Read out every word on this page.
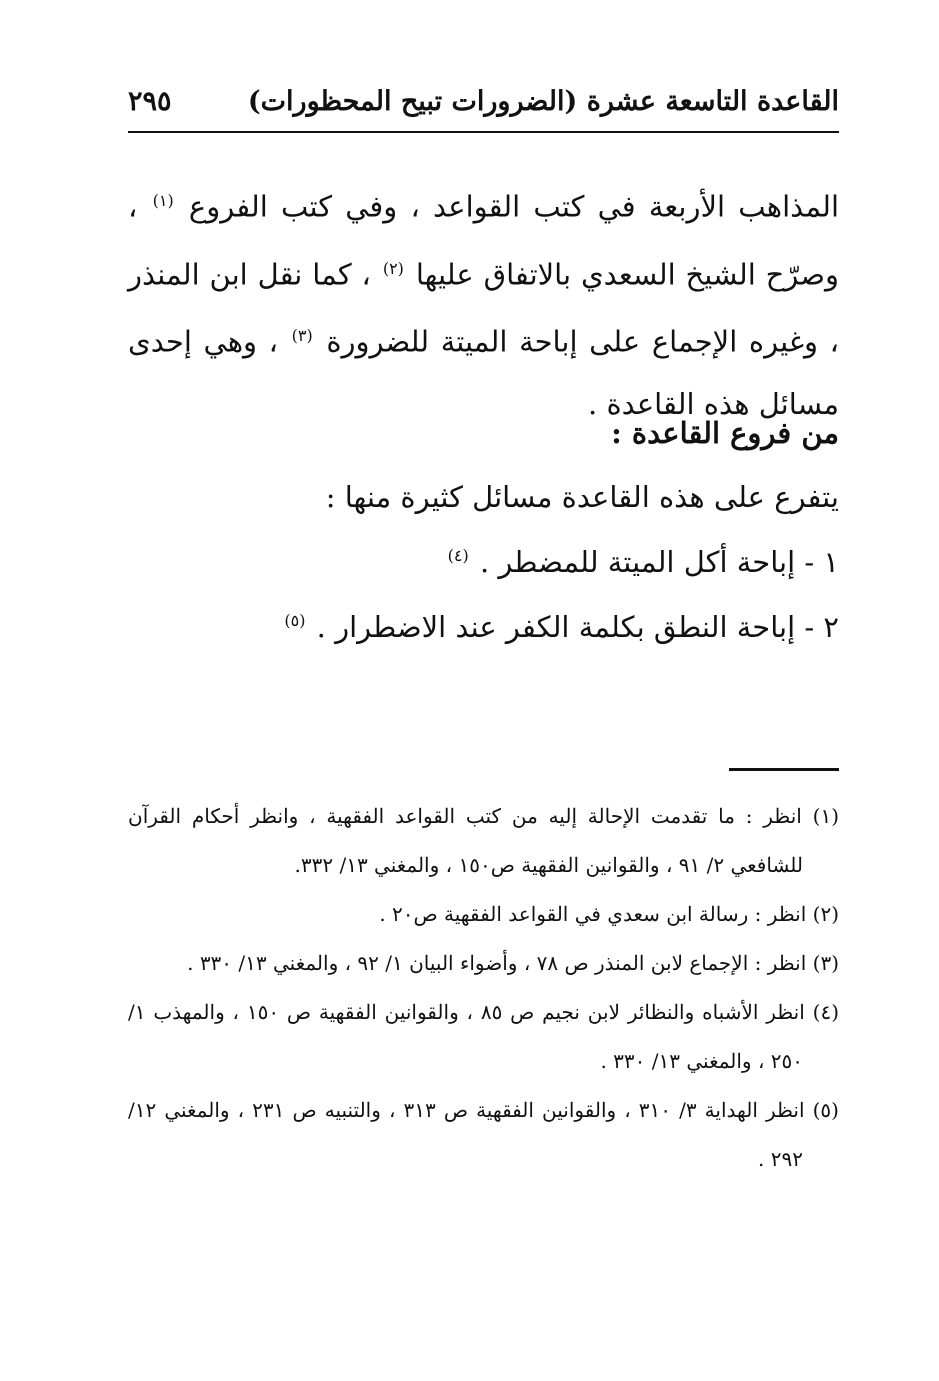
القاعدة التاسعة عشرة (الضرورات تبيح المحظورات)
٢٩٥

المذاهب الأربعة في كتب القواعد ، وفي كتب الفروع $^{(١)}$ ، وصرّح الشيخ السعدي بالاتفاق عليها $^{(٢)}$ ، كما نقل ابن المنذر ، وغيره الإجماع على إباحة الميتة للضرورة $^{(٣)}$ ، وهي إحدى مسائل هذه القاعدة .

من فروع القاعدة :
يتفرع على هذه القاعدة مسائل كثيرة منها :
١ - إباحة أكل الميتة للمضطر . $^{(٤)}$
٢ - إباحة النطق بكلمة الكفر عند الاضطرار . $^{(٥)}$

(١) انظر : ما تقدمت الإحالة إليه من كتب القواعد الفقهية ، وانظر أحكام القرآن للشافعي ٢/ ٩١ ، والقوانين الفقهية ص١٥٠ ، والمغني ١٣/ ٣٣٢.

(٢) انظر : رسالة ابن سعدي في القواعد الفقهية ص٢٠ .

(٣) انظر : الإجماع لابن المنذر ص ٧٨ ، وأضواء البيان ١/ ٩٢ ، والمغني ١٣/ ٣٣٠ .

(٤) انظر الأشباه والنظائر لابن نجيم ص ٨٥ ، والقوانين الفقهية ص ١٥٠ ، والمهذب ١/ ٢٥٠ ، والمغني ١٣/ ٣٣٠ .

(٥) انظر الهداية ٣/ ٣١٠ ، والقوانين الفقهية ص ٣١٣ ، والتنبيه ص ٢٣١ ، والمغني ١٢/ ٢٩٢ .
